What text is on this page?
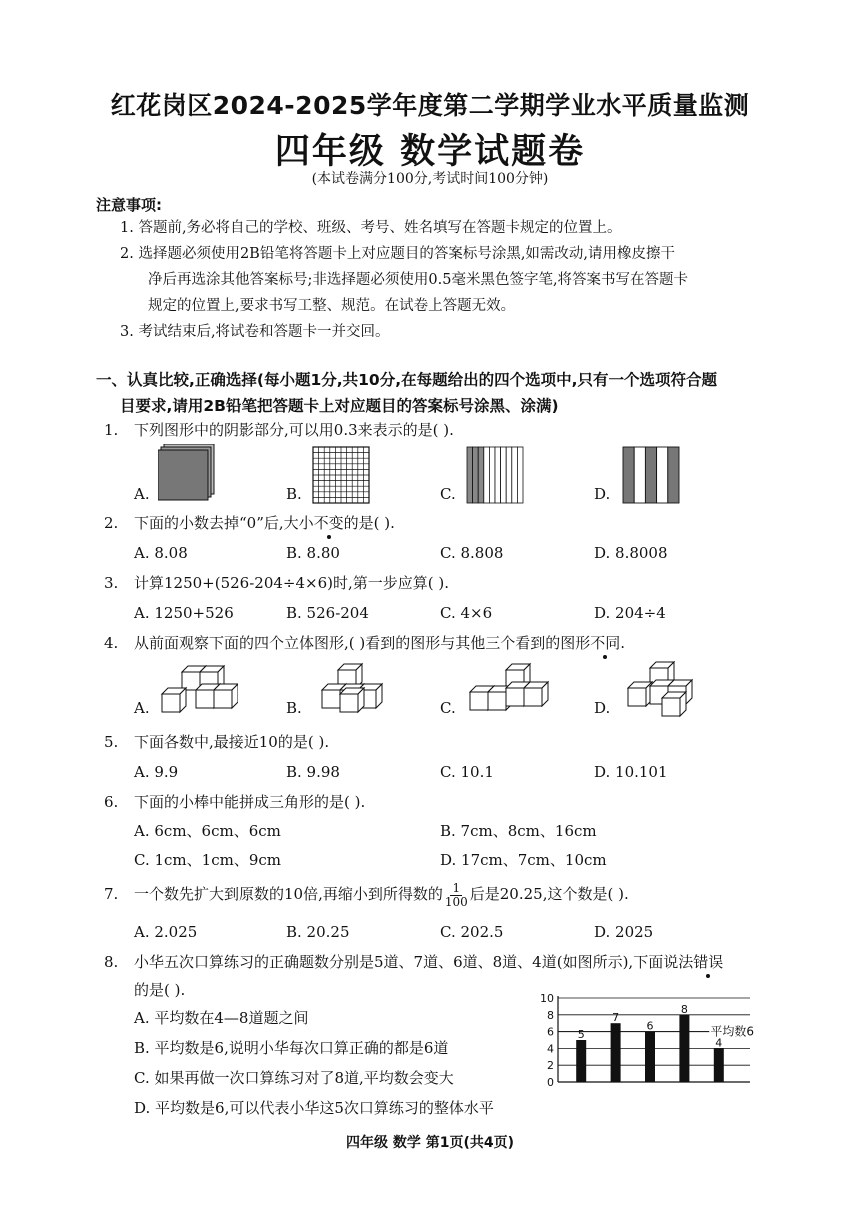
红花岗区2024-2025学年度第二学期学业水平质量监测
四年级 数学试题卷
(本试卷满分100分,考试时间100分钟)
注意事项:
1. 答题前,务必将自己的学校、班级、考号、姓名填写在答题卡规定的位置上。
2. 选择题必须使用2B铅笔将答题卡上对应题目的答案标号涂黑,如需改动,请用橡皮擦干
净后再选涂其他答案标号;非选择题必须使用0.5毫米黑色签字笔,将答案书写在答题卡
规定的位置上,要求书写工整、规范。在试卷上答题无效。
3. 考试结束后,将试卷和答题卡一并交回。
一、认真比较,正确选择(每小题1分,共10分,在每题给出的四个选项中,只有一个选项符合题
目要求,请用2B铅笔把答题卡上对应题目的答案标号涂黑、涂满)
1. 下列图形中的阴影部分,可以用0.3来表示的是( ).
A.	B.	C.	D.
2. 下面的小数去掉“0”后,大小不变的是( ).
A. 8.08	B. 8.80	C. 8.808	D. 8.8008
3. 计算1250+(526-204÷4×6)时,第一步应算( ).
A. 1250+526	B. 526-204	C. 4×6	D. 204÷4
4. 从前面观察下面的四个立体图形,( )看到的图形与其他三个看到的图形不同.
A.	B.	C.	D.
5. 下面各数中,最接近10的是( ).
A. 9.9	B. 9.98	C. 10.1	D. 10.101
6. 下面的小棒中能拼成三角形的是( ).
A. 6cm、6cm、6cm	B. 7cm、8cm、16cm
C. 1cm、1cm、9cm	D. 17cm、7cm、10cm
7. 一个数先扩大到原数的10倍,再缩小到所得数的 $\frac{1}{100}$ 后是20.25,这个数是( ).
A. 2.025	B. 20.25	C. 202.5	D. 2025
8. 小华五次口算练习的正确题数分别是5道、7道、6道、8道、4道(如图所示),下面说法错误
的是( ).
A. 平均数在4—8道题之间
B. 平均数是6,说明小华每次口算正确的都是6道
C. 如果再做一次口算练习对了8道,平均数会变大
D. 平均数是6,可以代表小华这5次口算练习的整体水平
0
2
4
6
8
10
5
7
6
8
4
平均数6
四年级 数学 第1页(共4页)
